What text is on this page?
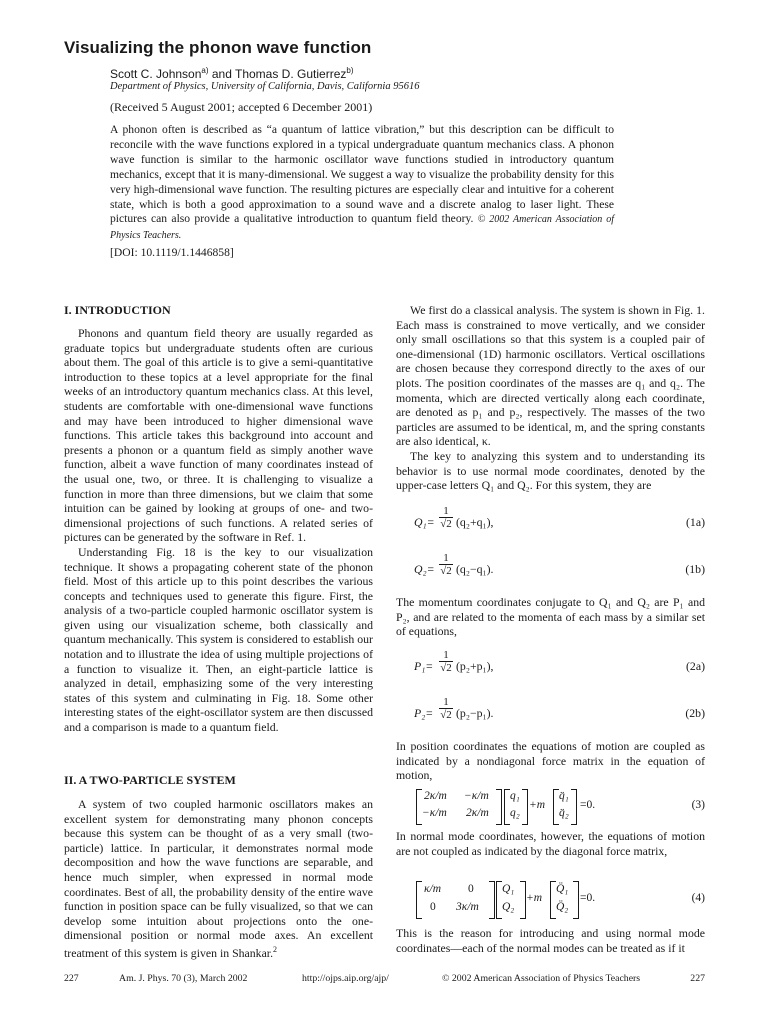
Visualizing the phonon wave function
Scott C. Johnson$^{a)}$ and Thomas D. Gutierrez$^{b)}$
Department of Physics, University of California, Davis, California 95616
(Received 5 August 2001; accepted 6 December 2001)
A phonon often is described as “a quantum of lattice vibration,” but this description can be difficult to reconcile with the wave functions explored in a typical undergraduate quantum mechanics class. A phonon wave function is similar to the harmonic oscillator wave functions studied in introductory quantum mechanics, except that it is many-dimensional. We suggest a way to visualize the probability density for this very high-dimensional wave function. The resulting pictures are especially clear and intuitive for a coherent state, which is both a good approximation to a sound wave and a discrete analog to laser light. These pictures can also provide a qualitative introduction to quantum field theory. © 2002 American Association of Physics Teachers.
[DOI: 10.1119/1.1446858]
I. INTRODUCTION

Phonons and quantum field theory are usually regarded as graduate topics but undergraduate students often are curious about them. The goal of this article is to give a semi-quantitative introduction to these topics at a level appropriate for the final weeks of an introductory quantum mechanics class. At this level, students are comfortable with one-dimensional wave functions and may have been introduced to higher dimensional wave functions. This article takes this background into account and presents a phonon or a quantum field as simply another wave function, albeit a wave function of many coordinates instead of the usual one, two, or three. It is challenging to visualize a function in more than three dimensions, but we claim that some intuition can be gained by looking at groups of one- and two-dimensional projections of such functions. A related series of pictures can be generated by the software in Ref. 1.

Understanding Fig. 18 is the key to our visualization technique. It shows a propagating coherent state of the phonon field. Most of this article up to this point describes the various concepts and techniques used to generate this figure. First, the analysis of a two-particle coupled harmonic oscillator system is given using our visualization scheme, both classically and quantum mechanically. This system is considered to establish our notation and to illustrate the idea of using multiple projections of a function to visualize it. Then, an eight-particle lattice is analyzed in detail, emphasizing some of the very interesting states of this system and culminating in Fig. 18. Some other interesting states of the eight-oscillator system are then discussed and a comparison is made to a quantum field.

II. A TWO-PARTICLE SYSTEM

A system of two coupled harmonic oscillators makes an excellent system for demonstrating many phonon concepts because this system can be thought of as a very small (two-particle) lattice. In particular, it demonstrates normal mode decomposition and how the wave functions are separable, and hence much simpler, when expressed in normal mode coordinates. Best of all, the probability density of the entire wave function in position space can be fully visualized, so that we can develop some intuition about projections onto the one-dimensional position or normal mode axes. An excellent treatment of this system is given in Shankar.$^2$

We first do a classical analysis. The system is shown in Fig. 1. Each mass is constrained to move vertically, and we consider only small oscillations so that this system is a coupled pair of one-dimensional (1D) harmonic oscillators. Vertical oscillations are chosen because they correspond directly to the axes of our plots. The position coordinates of the masses are q₁ and q₂. The momenta, which are directed vertically along each coordinate, are denoted as p₁ and p₂, respectively. The masses of the two particles are assumed to be identical, m, and the spring constants are also identical, κ.

The key to analyzing this system and to understanding its behavior is to use normal mode coordinates, denoted by the upper-case letters Q₁ and Q₂. For this system, they are

$Q_1= \frac{1}{√2} (q_2+q_1)$,	(1a)
$Q_2= \frac{1}{√2} (q_2-q_1)$.	(1b)

The momentum coordinates conjugate to Q₁ and Q₂ are P₁ and P₂, and are related to the momenta of each mass by a similar set of equations,

$P_1= \frac{1}{√2} (p_2+p_1)$,	(2a)
$P_2= \frac{1}{√2} (p_2-p_1)$.	(2b)

In position coordinates the equations of motion are coupled as indicated by a nondiagonal force matrix in the equation of motion,

2κ/m −κ/m
−κ/m 2κ/m
q₁
q₂
+m
q̈₁
q̈₂
=0.	(3)

In normal mode coordinates, however, the equations of motion are not coupled as indicated by the diagonal force matrix,

κ/m 0
0 3κ/m
Q₁
Q₂
+m
Q̈₁
Q̈₂
=0.	(4)

This is the reason for introducing and using normal mode coordinates—each of the normal modes can be treated as if it

227	Am. J. Phys. 70 (3), March 2002	http://ojps.aip.org/ajp/	© 2002 American Association of Physics Teachers	227
